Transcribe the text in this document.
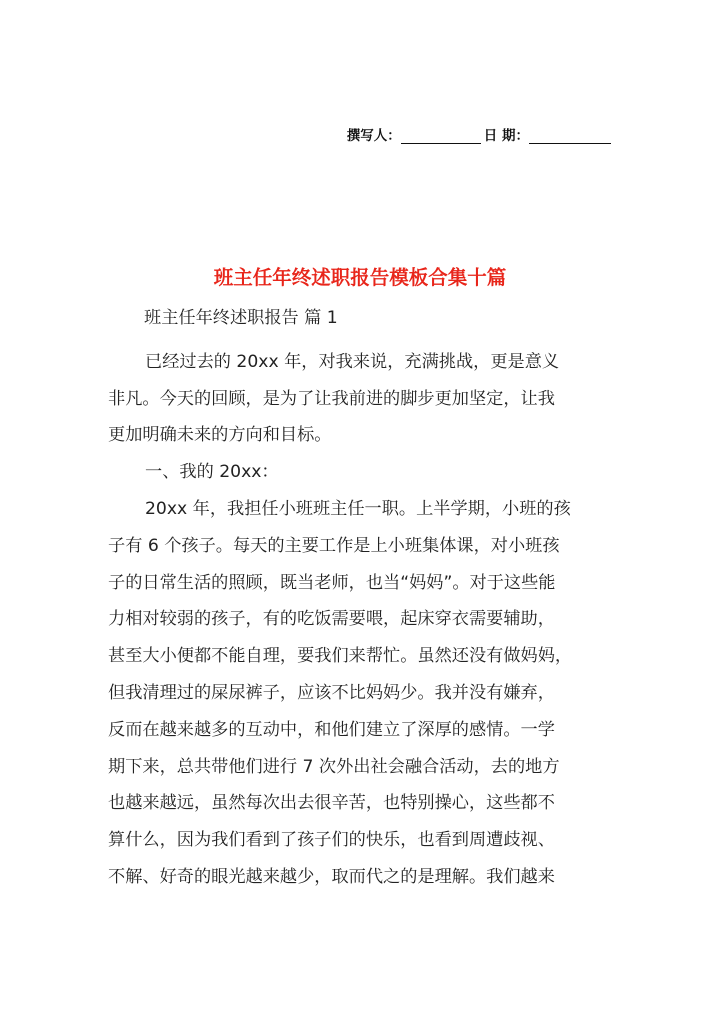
撰写人：	日 期：
班主任年终述职报告模板合集十篇

班主任年终述职报告 篇 1

已经过去的 20xx 年，对我来说，充满挑战，更是意义
非凡。今天的回顾，是为了让我前进的脚步更加坚定，让我
更加明确未来的方向和目标。
一、我的 20xx：
20xx 年，我担任小班班主任一职。上半学期，小班的孩
子有 6 个孩子。每天的主要工作是上小班集体课，对小班孩
子的日常生活的照顾，既当老师，也当“妈妈”。对于这些能
力相对较弱的孩子，有的吃饭需要喂，起床穿衣需要辅助，
甚至大小便都不能自理，要我们来帮忙。虽然还没有做妈妈，
但我清理过的屎尿裤子，应该不比妈妈少。我并没有嫌弃，
反而在越来越多的互动中，和他们建立了深厚的感情。一学
期下来，总共带他们进行 7 次外出社会融合活动，去的地方
也越来越远，虽然每次出去很辛苦，也特别操心，这些都不
算什么，因为我们看到了孩子们的快乐，也看到周遭歧视、
不解、好奇的眼光越来越少，取而代之的是理解。我们越来
